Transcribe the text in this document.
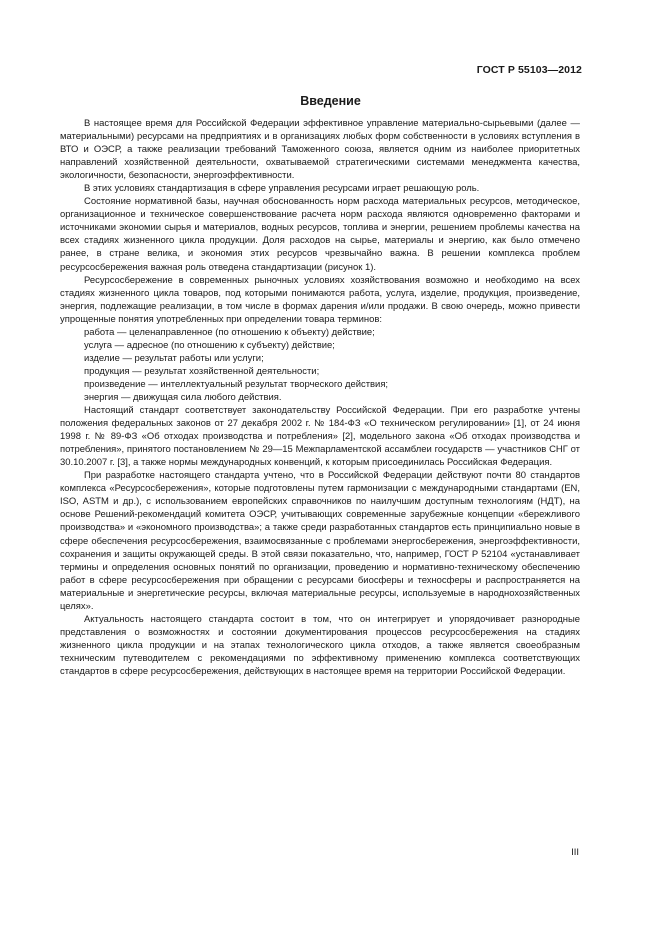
ГОСТ Р 55103—2012
Введение

В настоящее время для Российской Федерации эффективное управление материально-сырьевыми (далее — материальными) ресурсами на предприятиях и в организациях любых форм собственности в условиях вступления в ВТО и ОЭСР, а также реализации требований Таможенного союза, является одним из наиболее приоритетных направлений хозяйственной деятельности, охватываемой стратегическими системами менеджмента качества, экологичности, безопасности, энергоэффективности.

В этих условиях стандартизация в сфере управления ресурсами играет решающую роль.

Состояние нормативной базы, научная обоснованность норм расхода материальных ресурсов, методическое, организационное и техническое совершенствование расчета норм расхода являются одновременно факторами и источниками экономии сырья и материалов, водных ресурсов, топлива и энергии, решением проблемы качества на всех стадиях жизненного цикла продукции. Доля расходов на сырье, материалы и энергию, как было отмечено ранее, в стране велика, и экономия этих ресурсов чрезвычайно важна. В решении комплекса проблем ресурсосбережения важная роль отведена стандартизации (рисунок 1).

Ресурсосбережение в современных рыночных условиях хозяйствования возможно и необходимо на всех стадиях жизненного цикла товаров, под которыми понимаются работа, услуга, изделие, продукция, произведение, энергия, подлежащие реализации, в том числе в формах дарения и/или продажи. В свою очередь, можно привести упрощенные понятия употребленных при определении товара терминов:

работа — целенаправленное (по отношению к объекту) действие;

услуга — адресное (по отношению к субъекту) действие;

изделие — результат работы или услуги;

продукция — результат хозяйственной деятельности;

произведение — интеллектуальный результат творческого действия;

энергия — движущая сила любого действия.

Настоящий стандарт соответствует законодательству Российской Федерации. При его разработке учтены положения федеральных законов от 27 декабря 2002 г. № 184-ФЗ «О техническом регулировании» [1], от 24 июня 1998 г. № 89-ФЗ «Об отходах производства и потребления» [2], модельного закона «Об отходах производства и потребления», принятого постановлением № 29—15 Межпарламентской ассамблеи государств — участников СНГ от 30.10.2007 г. [3], а также нормы международных конвенций, к которым присоединилась Российская Федерация.

При разработке настоящего стандарта учтено, что в Российской Федерации действуют почти 80 стандартов комплекса «Ресурсосбережения», которые подготовлены путем гармонизации с международными стандартами (EN, ISO, ASTM и др.), с использованием европейских справочников по наилучшим доступным технологиям (НДТ), на основе Решений-рекомендаций комитета ОЭСР, учитывающих современные зарубежные концепции «бережливого производства» и «экономного производства»; а также среди разработанных стандартов есть принципиально новые в сфере обеспечения ресурсосбережения, взаимосвязанные с проблемами энергосбережения, энергоэффективности, сохранения и защиты окружающей среды. В этой связи показательно, что, например, ГОСТ Р 52104 «устанавливает термины и определения основных понятий по организации, проведению и нормативно-техническому обеспечению работ в сфере ресурсосбережения при обращении с ресурсами биосферы и техносферы и распространяется на материальные и энергетические ресурсы, включая материальные ресурсы, используемые в народнохозяйственных целях».

Актуальность настоящего стандарта состоит в том, что он интегрирует и упорядочивает разнородные представления о возможностях и состоянии документирования процессов ресурсосбережения на стадиях жизненного цикла продукции и на этапах технологического цикла отходов, а также является своеобразным техническим путеводителем с рекомендациями по эффективному применению комплекса соответствующих стандартов в сфере ресурсосбережения, действующих в настоящее время на территории Российской Федерации.

III
